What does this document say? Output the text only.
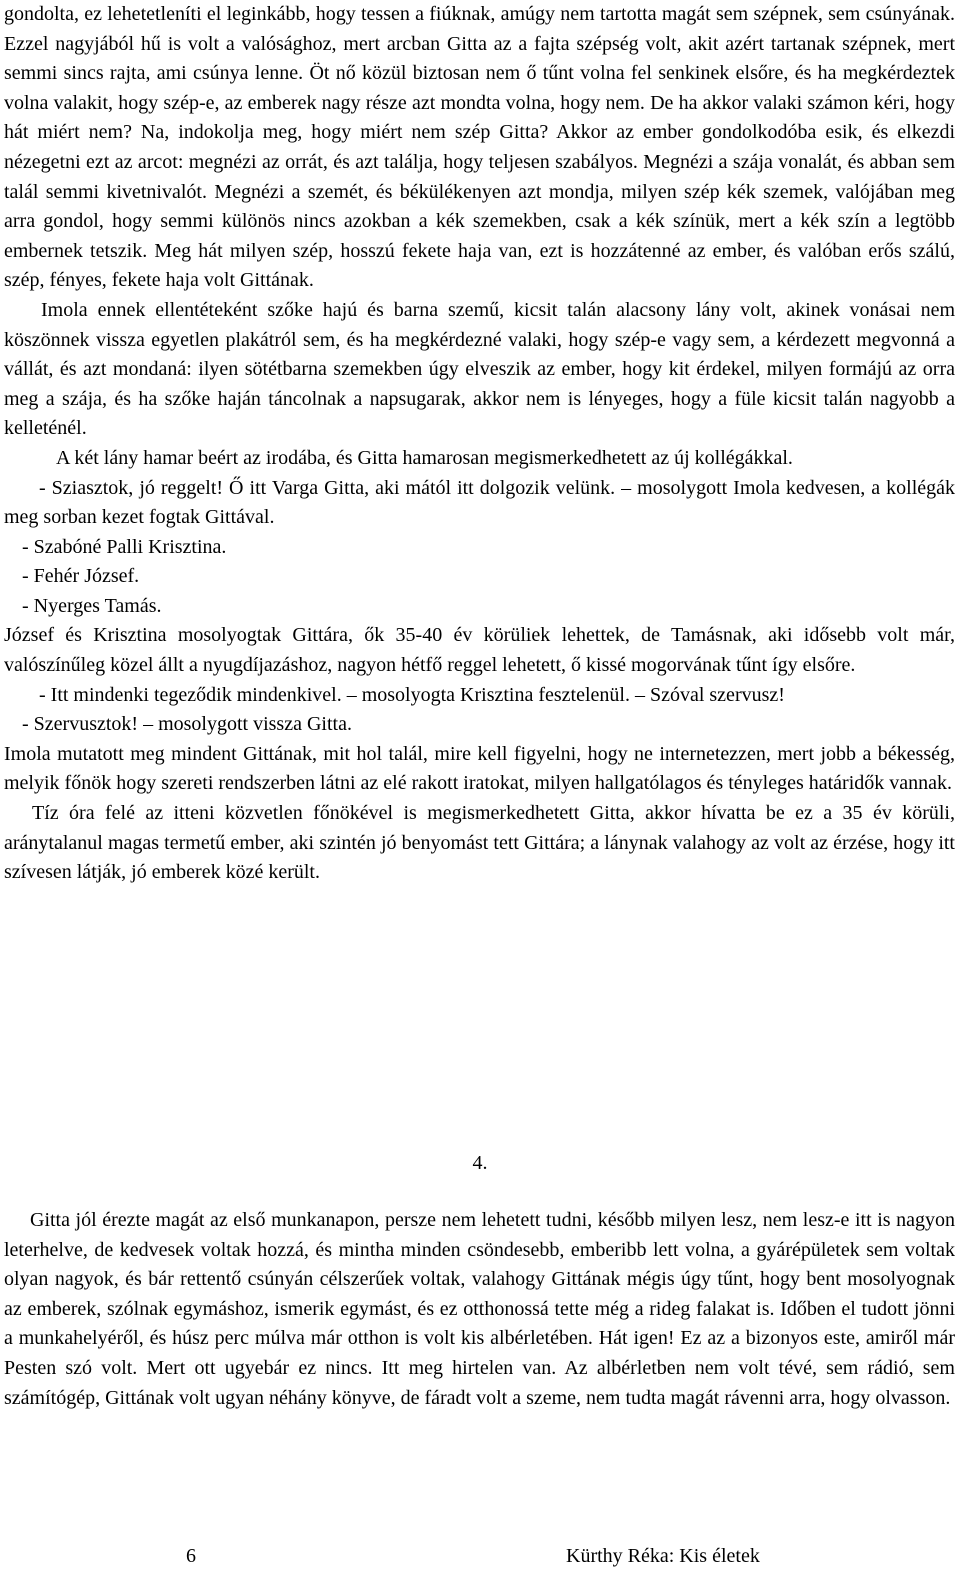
gondolta, ez lehetetleníti el leginkább, hogy tessen a fiúknak, amúgy nem tartotta magát sem szépnek, sem csúnyának. Ezzel nagyjából hű is volt a valósághoz, mert arcban Gitta az a fajta szépség volt, akit azért tartanak szépnek, mert semmi sincs rajta, ami csúnya lenne. Öt nő közül biztosan nem ő tűnt volna fel senkinek elsőre, és ha megkérdeztek volna valakit, hogy szép-e, az emberek nagy része azt mondta volna, hogy nem. De ha akkor valaki számon kéri, hogy hát miért nem? Na, indokolja meg, hogy miért nem szép Gitta? Akkor az ember gondolkodóba esik, és elkezdi nézegetni ezt az arcot: megnézi az orrát, és azt találja, hogy teljesen szabályos. Megnézi a szája vonalát, és abban sem talál semmi kivetnivalót. Megnézi a szemét, és békülékenyen azt mondja, milyen szép kék szemek, valójában meg arra gondol, hogy semmi különös nincs azokban a kék szemekben, csak a kék színük, mert a kék szín a legtöbb embernek tetszik. Meg hát milyen szép, hosszú fekete haja van, ezt is hozzátenné az ember, és valóban erős szálú, szép, fényes, fekete haja volt Gittának.

Imola ennek ellentéteként szőke hajú és barna szemű, kicsit talán alacsony lány volt, akinek vonásai nem köszönnek vissza egyetlen plakátról sem, és ha megkérdezné valaki, hogy szép-e vagy sem, a kérdezett megvonná a vállát, és azt mondaná: ilyen sötétbarna szemekben úgy elveszik az ember, hogy kit érdekel, milyen formájú az orra meg a szája, és ha szőke haján táncolnak a napsugarak, akkor nem is lényeges, hogy a füle kicsit talán nagyobb a kelleténél.

A két lány hamar beért az irodába, és Gitta hamarosan megismerkedhetett az új kollégákkal.

- Sziasztok, jó reggelt! Ő itt Varga Gitta, aki mától itt dolgozik velünk. – mosolygott Imola kedvesen, a kollégák meg sorban kezet fogtak Gittával.

- Szabóné Palli Krisztina.

- Fehér József.

- Nyerges Tamás.

József és Krisztina mosolyogtak Gittára, ők 35-40 év körüliek lehettek, de Tamásnak, aki idősebb volt már, valószínűleg közel állt a nyugdíjazáshoz, nagyon hétfő reggel lehetett, ő kissé mogorvának tűnt így elsőre.

- Itt mindenki tegeződik mindenkivel. – mosolyogta Krisztina fesztelenül. – Szóval szervusz!

- Szervusztok! – mosolygott vissza Gitta.

Imola mutatott meg mindent Gittának, mit hol talál, mire kell figyelni, hogy ne internetezzen, mert jobb a békesség, melyik főnök hogy szereti rendszerben látni az elé rakott iratokat, milyen hallgatólagos és tényleges határidők vannak.

Tíz óra felé az itteni közvetlen főnökével is megismerkedhetett Gitta, akkor hívatta be ez a 35 év körüli, aránytalanul magas termetű ember, aki szintén jó benyomást tett Gittára; a lánynak valahogy az volt az érzése, hogy itt szívesen látják, jó emberek közé került.

4.

Gitta jól érezte magát az első munkanapon, persze nem lehetett tudni, később milyen lesz, nem lesz-e itt is nagyon leterhelve, de kedvesek voltak hozzá, és mintha minden csöndesebb, emberibb lett volna, a gyárépületek sem voltak olyan nagyok, és bár rettentő csúnyán célszerűek voltak, valahogy Gittának mégis úgy tűnt, hogy bent mosolyognak az emberek, szólnak egymáshoz, ismerik egymást, és ez otthonossá tette még a rideg falakat is. Időben el tudott jönni a munkahelyéről, és húsz perc múlva már otthon is volt kis albérletében. Hát igen! Ez az a bizonyos este, amiről már Pesten szó volt. Mert ott ugyebár ez nincs. Itt meg hirtelen van. Az albérletben nem volt tévé, sem rádió, sem számítógép, Gittának volt ugyan néhány könyve, de fáradt volt a szeme, nem tudta magát rávenni arra, hogy olvasson.

6	Kürthy Réka: Kis életek
